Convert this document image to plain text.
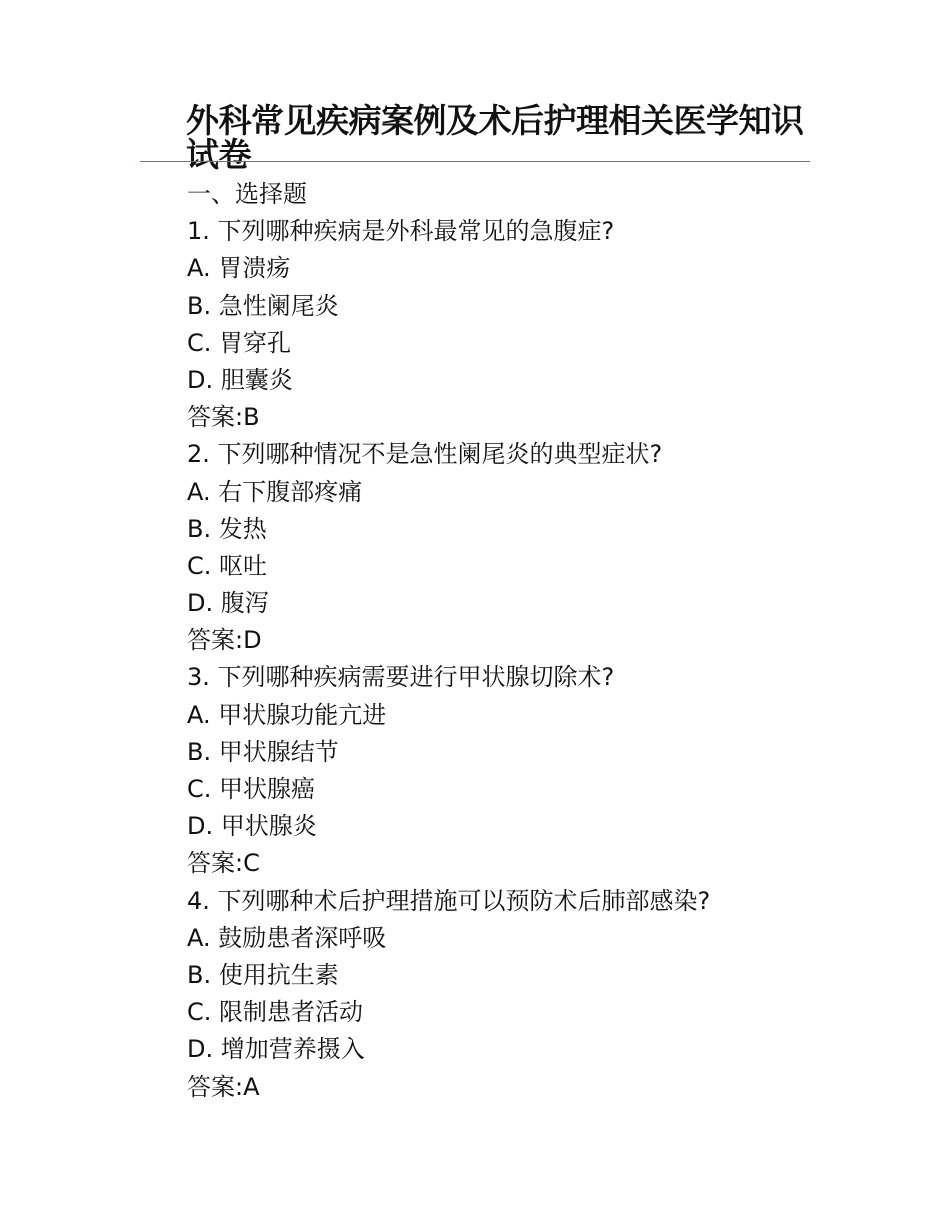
外科常见疾病案例及术后护理相关医学知识试卷

一、选择题

1. 下列哪种疾病是外科最常见的急腹症?

A. 胃溃疡

B. 急性阑尾炎

C. 胃穿孔

D. 胆囊炎

答案:B

2. 下列哪种情况不是急性阑尾炎的典型症状?

A. 右下腹部疼痛

B. 发热

C. 呕吐

D. 腹泻

答案:D

3. 下列哪种疾病需要进行甲状腺切除术?

A. 甲状腺功能亢进

B. 甲状腺结节

C. 甲状腺癌

D. 甲状腺炎

答案:C

4. 下列哪种术后护理措施可以预防术后肺部感染?

A. 鼓励患者深呼吸

B. 使用抗生素

C. 限制患者活动

D. 增加营养摄入

答案:A
